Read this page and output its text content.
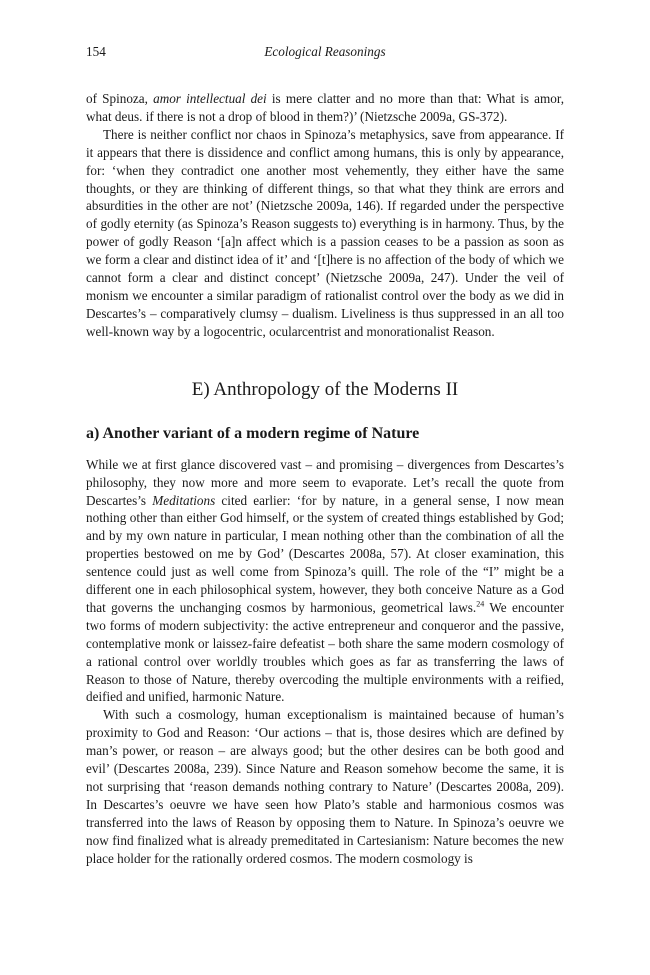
154	Ecological Reasonings

of Spinoza, amor intellectual dei is mere clatter and no more than that: What is amor, what deus. if there is not a drop of blood in them?)’ (Nietzsche 2009a, GS-372).

There is neither conflict nor chaos in Spinoza’s metaphysics, save from appearance. If it appears that there is dissidence and conflict among humans, this is only by appearance, for: ‘when they contradict one another most vehemently, they either have the same thoughts, or they are thinking of different things, so that what they think are errors and absurdities in the other are not’ (Nietzsche 2009a, 146). If regarded under the perspective of godly eternity (as Spinoza’s Reason suggests to) everything is in harmony. Thus, by the power of godly Reason ‘[a]n affect which is a passion ceases to be a passion as soon as we form a clear and distinct idea of it’ and ‘[t]here is no affection of the body of which we cannot form a clear and distinct concept’ (Nietzsche 2009a, 247). Under the veil of monism we encounter a similar paradigm of rationalist control over the body as we did in Descartes’s – comparatively clumsy – dualism. Liveliness is thus suppressed in an all too well-known way by a logocentric, ocularcentrist and monorationalist Reason.

E) Anthropology of the Moderns II
a) Another variant of a modern regime of Nature

While we at first glance discovered vast – and promising – divergences from Descartes’s philosophy, they now more and more seem to evaporate. Let’s recall the quote from Descartes’s Meditations cited earlier: ‘for by nature, in a general sense, I now mean nothing other than either God himself, or the system of created things established by God; and by my own nature in particular, I mean nothing other than the combination of all the properties bestowed on me by God’ (Descartes 2008a, 57). At closer examination, this sentence could just as well come from Spinoza’s quill. The role of the “I” might be a different one in each philosophical system, however, they both conceive Nature as a God that governs the unchanging cosmos by harmonious, geometrical laws.$^{24}$ We encounter two forms of modern subjectivity: the active entrepreneur and conqueror and the passive, contemplative monk or laissez-faire defeatist – both share the same modern cosmology of a rational control over worldly troubles which goes as far as transferring the laws of Reason to those of Nature, thereby overcoding the multiple environments with a reified, deified and unified, harmonic Nature.

With such a cosmology, human exceptionalism is maintained because of human’s proximity to God and Reason: ‘Our actions – that is, those desires which are defined by man’s power, or reason – are always good; but the other desires can be both good and evil’ (Descartes 2008a, 239). Since Nature and Reason somehow become the same, it is not surprising that ‘reason demands nothing contrary to Nature’ (Descartes 2008a, 209). In Descartes’s oeuvre we have seen how Plato’s stable and harmonious cosmos was transferred into the laws of Reason by opposing them to Nature. In Spinoza’s oeuvre we now find finalized what is already premeditated in Cartesianism: Nature becomes the new place holder for the rationally ordered cosmos. The modern cosmology is
